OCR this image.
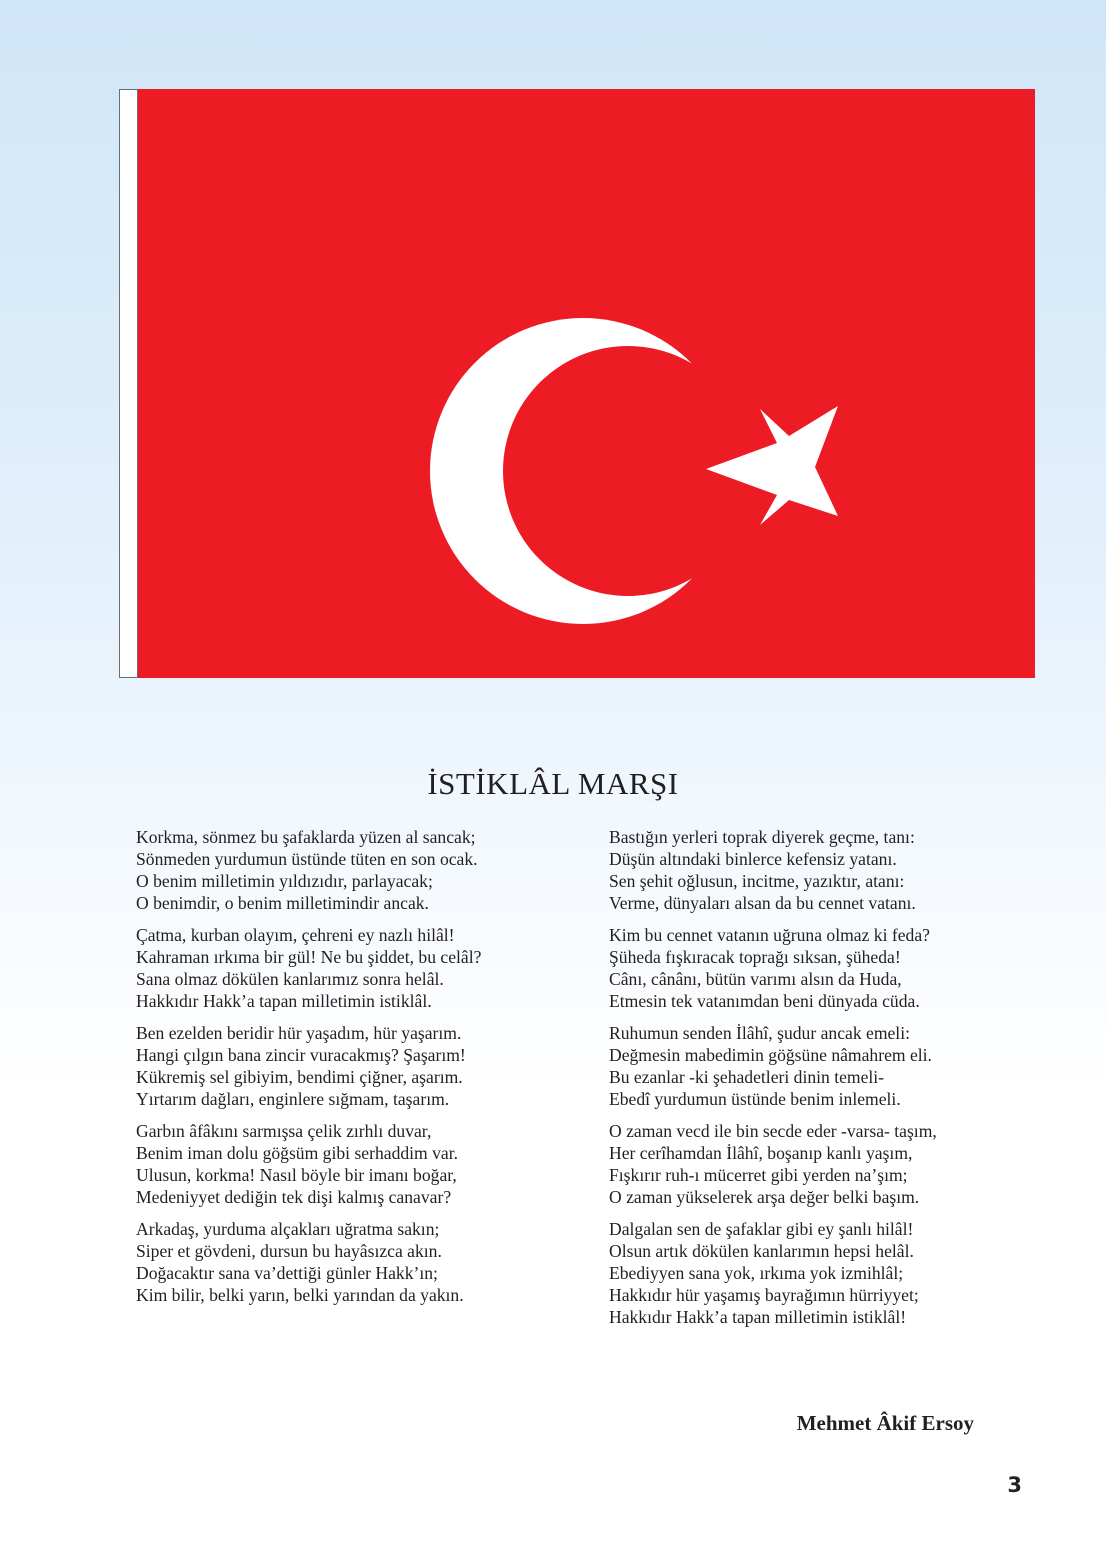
İSTİKLÂL MARŞI
Korkma, sönmez bu şafaklarda yüzen al sancak;
Sönmeden yurdumun üstünde tüten en son ocak.
O benim milletimin yıldızıdır, parlayacak;
O benimdir, o benim milletimindir ancak.
Çatma, kurban olayım, çehreni ey nazlı hilâl!
Kahraman ırkıma bir gül! Ne bu şiddet, bu celâl?
Sana olmaz dökülen kanlarımız sonra helâl.
Hakkıdır Hakk’a tapan milletimin istiklâl.
Ben ezelden beridir hür yaşadım, hür yaşarım.
Hangi çılgın bana zincir vuracakmış? Şaşarım!
Kükremiş sel gibiyim, bendimi çiğner, aşarım.
Yırtarım dağları, enginlere sığmam, taşarım.
Garbın âfâkını sarmışsa çelik zırhlı duvar,
Benim iman dolu göğsüm gibi serhaddim var.
Ulusun, korkma! Nasıl böyle bir imanı boğar,
Medeniyyet dediğin tek dişi kalmış canavar?
Arkadaş, yurduma alçakları uğratma sakın;
Siper et gövdeni, dursun bu hayâsızca akın.
Doğacaktır sana va’dettiği günler Hakk’ın;
Kim bilir, belki yarın, belki yarından da yakın.
Bastığın yerleri toprak diyerek geçme, tanı:
Düşün altındaki binlerce kefensiz yatanı.
Sen şehit oğlusun, incitme, yazıktır, atanı:
Verme, dünyaları alsan da bu cennet vatanı.
Kim bu cennet vatanın uğruna olmaz ki feda?
Şüheda fışkıracak toprağı sıksan, şüheda!
Cânı, cânânı, bütün varımı alsın da Huda,
Etmesin tek vatanımdan beni dünyada cüda.
Ruhumun senden İlâhî, şudur ancak emeli:
Değmesin mabedimin göğsüne nâmahrem eli.
Bu ezanlar -ki şehadetleri dinin temeli-
Ebedî yurdumun üstünde benim inlemeli.
O zaman vecd ile bin secde eder -varsa- taşım,
Her cerîhamdan İlâhî, boşanıp kanlı yaşım,
Fışkırır ruh-ı mücerret gibi yerden na’şım;
O zaman yükselerek arşa değer belki başım.
Dalgalan sen de şafaklar gibi ey şanlı hilâl!
Olsun artık dökülen kanlarımın hepsi helâl.
Ebediyyen sana yok, ırkıma yok izmihlâl;
Hakkıdır hür yaşamış bayrağımın hürriyyet;
Hakkıdır Hakk’a tapan milletimin istiklâl!
Mehmet Âkif Ersoy
3
